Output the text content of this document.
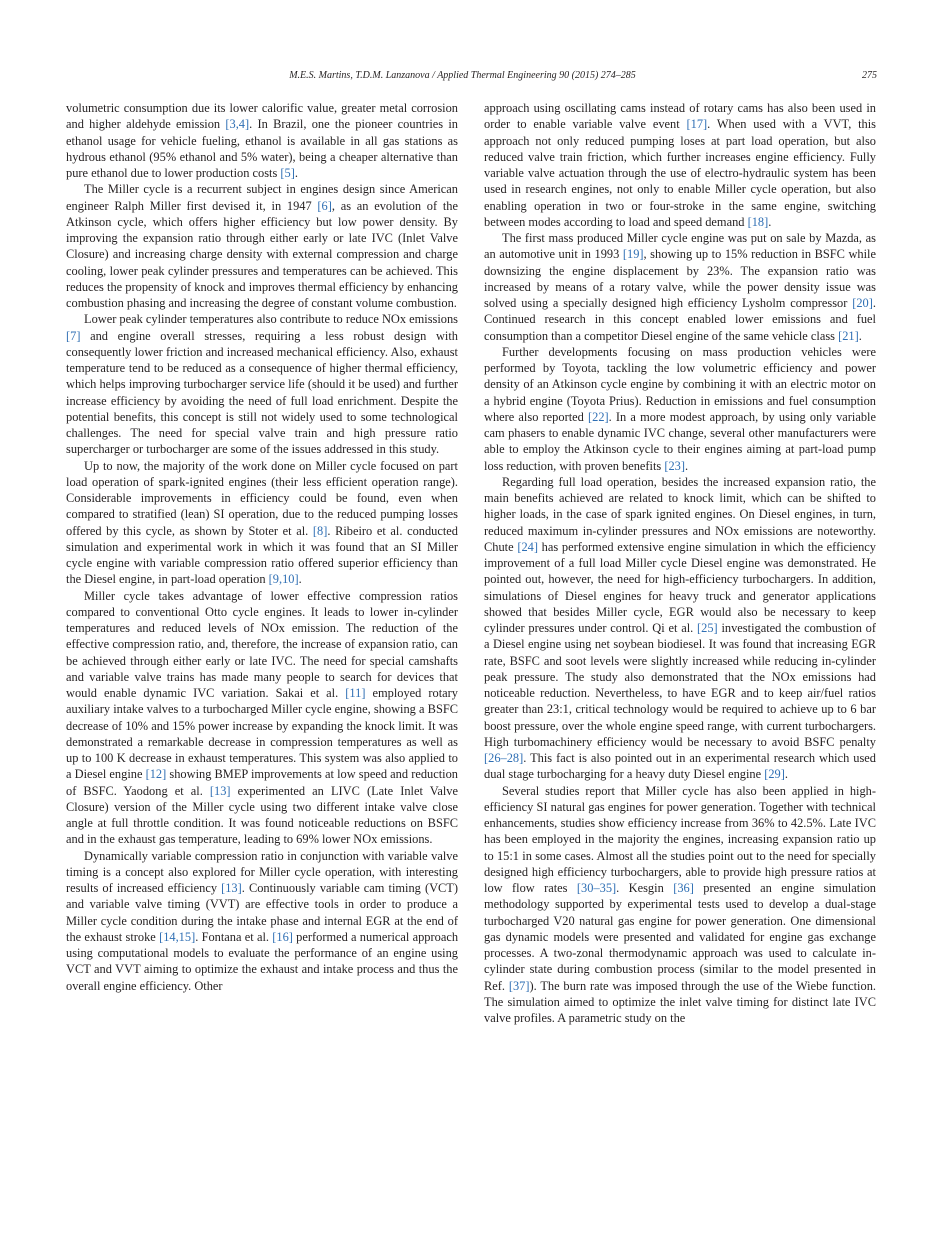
M.E.S. Martins, T.D.M. Lanzanova / Applied Thermal Engineering 90 (2015) 274–285	275

volumetric consumption due its lower calorific value, greater metal corrosion and higher aldehyde emission [3,4]. In Brazil, one the pioneer countries in ethanol usage for vehicle fueling, ethanol is available in all gas stations as hydrous ethanol (95% ethanol and 5% water), being a cheaper alternative than pure ethanol due to lower production costs [5].

The Miller cycle is a recurrent subject in engines design since American engineer Ralph Miller first devised it, in 1947 [6], as an evolution of the Atkinson cycle, which offers higher efficiency but low power density. By improving the expansion ratio through either early or late IVC (Inlet Valve Closure) and increasing charge density with external compression and charge cooling, lower peak cylinder pressures and temperatures can be achieved. This reduces the propensity of knock and improves thermal efficiency by enhancing combustion phasing and increasing the degree of constant volume combustion.

Lower peak cylinder temperatures also contribute to reduce NOx emissions [7] and engine overall stresses, requiring a less robust design with consequently lower friction and increased mechanical efficiency. Also, exhaust temperature tend to be reduced as a consequence of higher thermal efficiency, which helps improving turbocharger service life (should it be used) and further increase efficiency by avoiding the need of full load enrichment. Despite the potential benefits, this concept is still not widely used to some technological challenges. The need for special valve train and high pressure ratio supercharger or turbocharger are some of the issues addressed in this study.

Up to now, the majority of the work done on Miller cycle focused on part load operation of spark-ignited engines (their less efficient operation range). Considerable improvements in efficiency could be found, even when compared to stratified (lean) SI operation, due to the reduced pumping losses offered by this cycle, as shown by Stoter et al. [8]. Ribeiro et al. conducted simulation and experimental work in which it was found that an SI Miller cycle engine with variable compression ratio offered superior efficiency than the Diesel engine, in part-load operation [9,10].

Miller cycle takes advantage of lower effective compression ratios compared to conventional Otto cycle engines. It leads to lower in-cylinder temperatures and reduced levels of NOx emission. The reduction of the effective compression ratio, and, therefore, the increase of expansion ratio, can be achieved through either early or late IVC. The need for special camshafts and variable valve trains has made many people to search for devices that would enable dynamic IVC variation. Sakai et al. [11] employed rotary auxiliary intake valves to a turbocharged Miller cycle engine, showing a BSFC decrease of 10% and 15% power increase by expanding the knock limit. It was demonstrated a remarkable decrease in compression temperatures as well as up to 100 K decrease in exhaust temperatures. This system was also applied to a Diesel engine [12] showing BMEP improvements at low speed and reduction of BSFC. Yaodong et al. [13] experimented an LIVC (Late Inlet Valve Closure) version of the Miller cycle using two different intake valve close angle at full throttle condition. It was found noticeable reductions on BSFC and in the exhaust gas temperature, leading to 69% lower NOx emissions.

Dynamically variable compression ratio in conjunction with variable valve timing is a concept also explored for Miller cycle operation, with interesting results of increased efficiency [13]. Continuously variable cam timing (VCT) and variable valve timing (VVT) are effective tools in order to produce a Miller cycle condition during the intake phase and internal EGR at the end of the exhaust stroke [14,15]. Fontana et al. [16] performed a numerical approach using computational models to evaluate the performance of an engine using VCT and VVT aiming to optimize the exhaust and intake process and thus the overall engine efficiency. Other

approach using oscillating cams instead of rotary cams has also been used in order to enable variable valve event [17]. When used with a VVT, this approach not only reduced pumping loses at part load operation, but also reduced valve train friction, which further increases engine efficiency. Fully variable valve actuation through the use of electro-hydraulic system has been used in research engines, not only to enable Miller cycle operation, but also enabling operation in two or four-stroke in the same engine, switching between modes according to load and speed demand [18].

The first mass produced Miller cycle engine was put on sale by Mazda, as an automotive unit in 1993 [19], showing up to 15% reduction in BSFC while downsizing the engine displacement by 23%. The expansion ratio was increased by means of a rotary valve, while the power density issue was solved using a specially designed high efficiency Lysholm compressor [20]. Continued research in this concept enabled lower emissions and fuel consumption than a competitor Diesel engine of the same vehicle class [21].

Further developments focusing on mass production vehicles were performed by Toyota, tackling the low volumetric efficiency and power density of an Atkinson cycle engine by combining it with an electric motor on a hybrid engine (Toyota Prius). Reduction in emissions and fuel consumption where also reported [22]. In a more modest approach, by using only variable cam phasers to enable dynamic IVC change, several other manufacturers were able to employ the Atkinson cycle to their engines aiming at part-load pump loss reduction, with proven benefits [23].

Regarding full load operation, besides the increased expansion ratio, the main benefits achieved are related to knock limit, which can be shifted to higher loads, in the case of spark ignited engines. On Diesel engines, in turn, reduced maximum in-cylinder pressures and NOx emissions are noteworthy. Chute [24] has performed extensive engine simulation in which the efficiency improvement of a full load Miller cycle Diesel engine was demonstrated. He pointed out, however, the need for high-efficiency turbochargers. In addition, simulations of Diesel engines for heavy truck and generator applications showed that besides Miller cycle, EGR would also be necessary to keep cylinder pressures under control. Qi et al. [25] investigated the combustion of a Diesel engine using net soybean biodiesel. It was found that increasing EGR rate, BSFC and soot levels were slightly increased while reducing in-cylinder peak pressure. The study also demonstrated that the NOx emissions had noticeable reduction. Nevertheless, to have EGR and to keep air/fuel ratios greater than 23:1, critical technology would be required to achieve up to 6 bar boost pressure, over the whole engine speed range, with current turbochargers. High turbomachinery efficiency would be necessary to avoid BSFC penalty [26–28]. This fact is also pointed out in an experimental research which used dual stage turbocharging for a heavy duty Diesel engine [29].

Several studies report that Miller cycle has also been applied in high-efficiency SI natural gas engines for power generation. Together with technical enhancements, studies show efficiency increase from 36% to 42.5%. Late IVC has been employed in the majority the engines, increasing expansion ratio up to 15:1 in some cases. Almost all the studies point out to the need for specially designed high efficiency turbochargers, able to provide high pressure ratios at low flow rates [30–35]. Kesgin [36] presented an engine simulation methodology supported by experimental tests used to develop a dual-stage turbocharged V20 natural gas engine for power generation. One dimensional gas dynamic models were presented and validated for engine gas exchange processes. A two-zonal thermodynamic approach was used to calculate in-cylinder state during combustion process (similar to the model presented in Ref. [37]). The burn rate was imposed through the use of the Wiebe function. The simulation aimed to optimize the inlet valve timing for distinct late IVC valve profiles. A parametric study on the
